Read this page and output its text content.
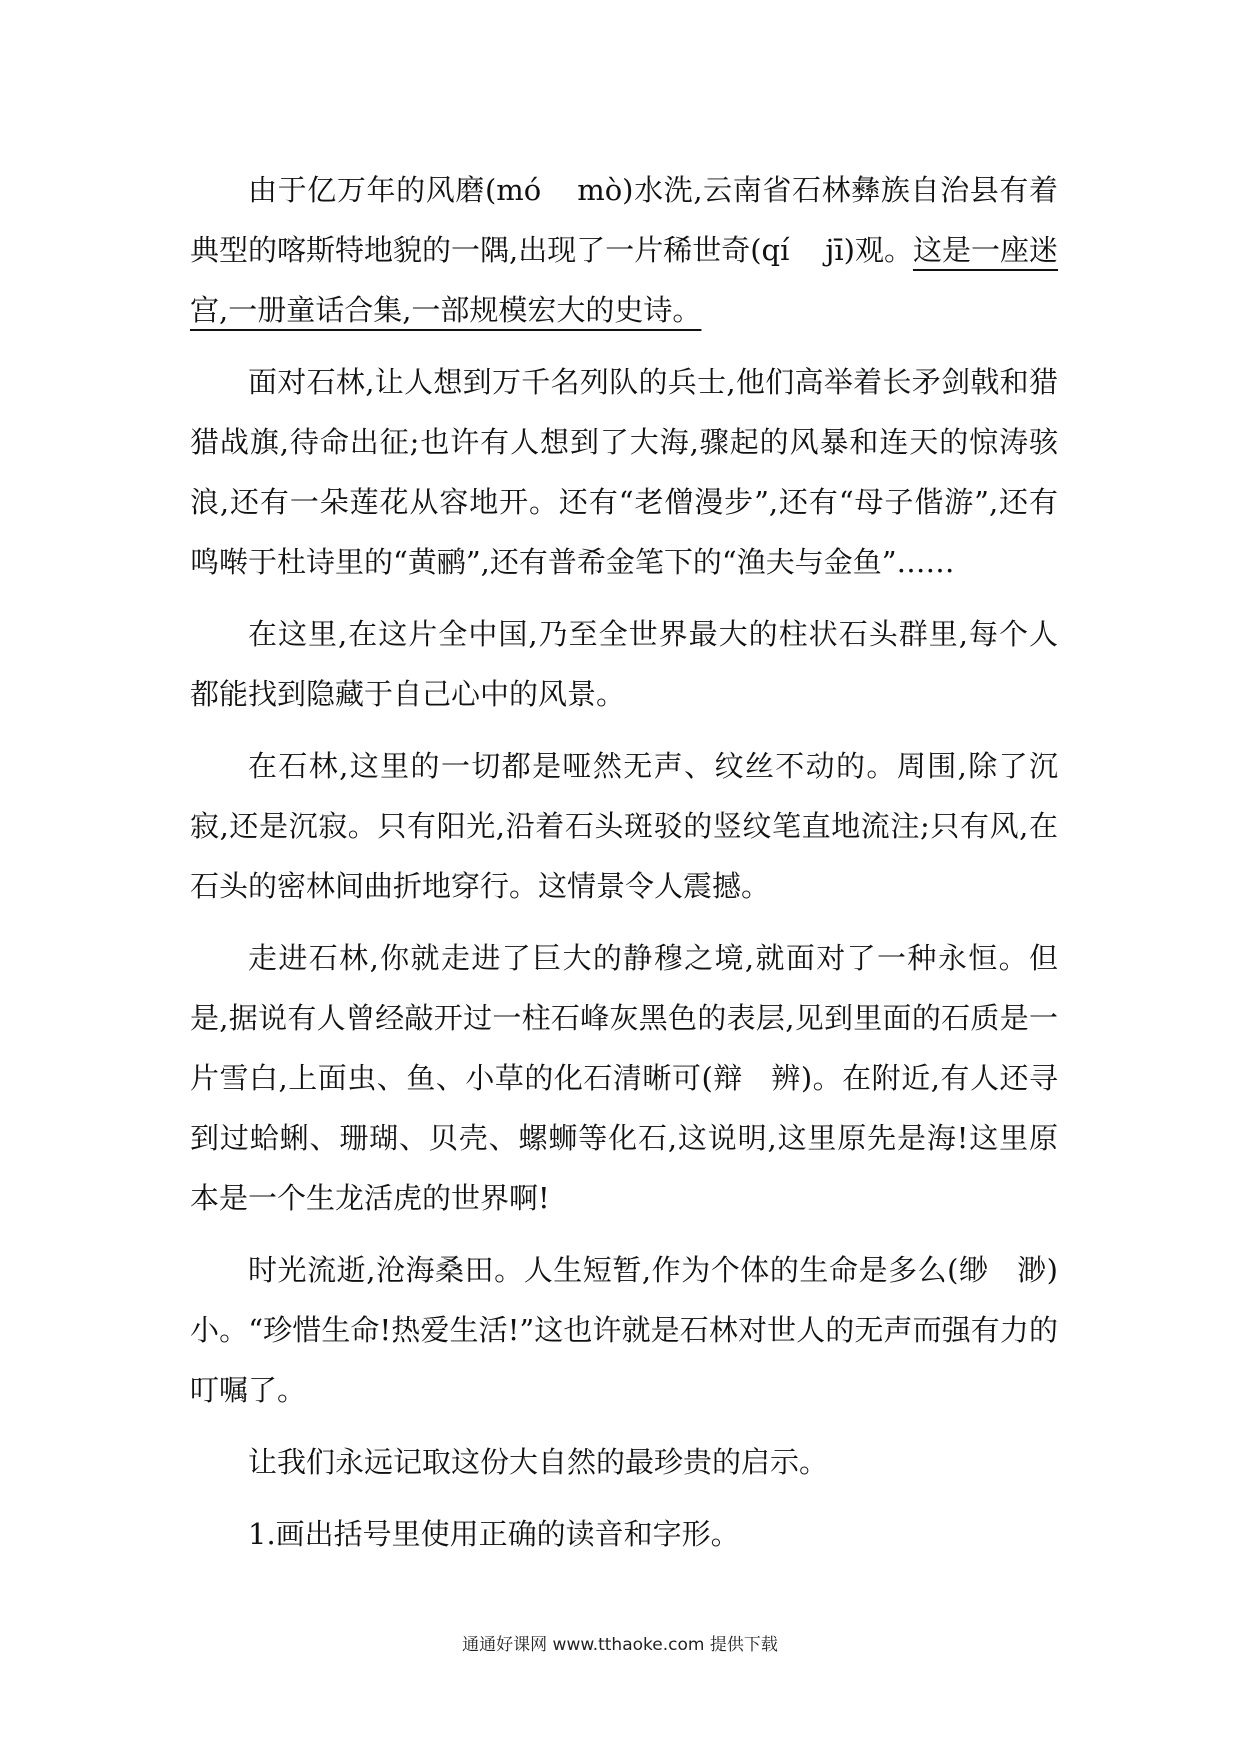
由于亿万年的风磨(mó mò)水洗,云南省石林彝族自治县有着典型的喀斯特地貌的一隅,出现了一片稀世奇(qí jī)观。这是一座迷宫,一册童话合集,一部规模宏大的史诗。

面对石林,让人想到万千名列队的兵士,他们高举着长矛剑戟和猎猎战旗,待命出征;也许有人想到了大海,骤起的风暴和连天的惊涛骇浪,还有一朵莲花从容地开。还有“老僧漫步”,还有“母子偕游”,还有鸣啭于杜诗里的“黄鹂”,还有普希金笔下的“渔夫与金鱼”……

在这里,在这片全中国,乃至全世界最大的柱状石头群里,每个人都能找到隐藏于自己心中的风景。

在石林,这里的一切都是哑然无声、纹丝不动的。周围,除了沉寂,还是沉寂。只有阳光,沿着石头斑驳的竖纹笔直地流注;只有风,在石头的密林间曲折地穿行。这情景令人震撼。

走进石林,你就走进了巨大的静穆之境,就面对了一种永恒。但是,据说有人曾经敲开过一柱石峰灰黑色的表层,见到里面的石质是一片雪白,上面虫、鱼、小草的化石清晰可(辩 辨)。在附近,有人还寻到过蛤蜊、珊瑚、贝壳、螺蛳等化石,这说明,这里原先是海!这里原本是一个生龙活虎的世界啊!

时光流逝,沧海桑田。人生短暂,作为个体的生命是多么(缈 渺)小。“珍惜生命!热爱生活!”这也许就是石林对世人的无声而强有力的叮嘱了。

让我们永远记取这份大自然的最珍贵的启示。

1.画出括号里使用正确的读音和字形。

通通好课网 www.tthaoke.com 提供下载
